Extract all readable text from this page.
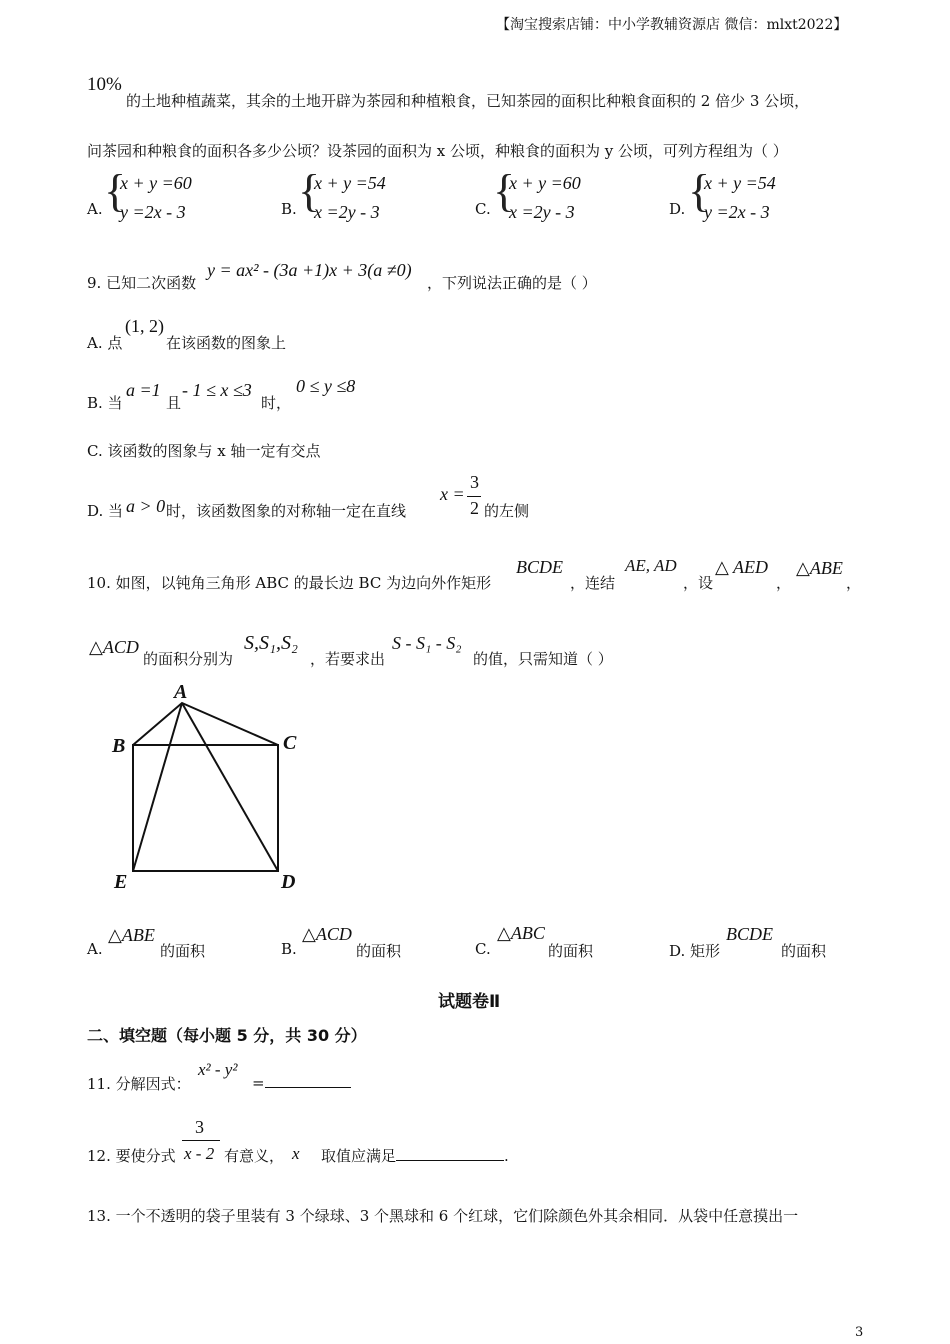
【淘宝搜索店铺：中小学教辅资源店 微信：mlxt2022】
10%
的土地种植蔬菜，其余的土地开辟为茶园和种植粮食，已知茶园的面积比种粮食面积的 2 倍少 3 公顷，
问茶园和种粮食的面积各多少公顷？设茶园的面积为 x 公顷，种粮食的面积为 y 公顷，可列方程组为（ ）
A. {
x + y =60
y =2x - 3	B. {
x + y =54
x =2y - 3	C. {
x + y =60
x =2y - 3	D. {
x + y =54
y =2x - 3
9. 已知二次函数
y = ax² - (3a +1)x + 3(a ≠0)
，下列说法正确的是（ ）
A. 点
(1, 2)
在该函数的图象上
B. 当
a =1
且
- 1 ≤ x ≤3
时，
0 ≤ y ≤8
C. 该函数的图象与 x 轴一定有交点
D. 当 a > 0 时，该函数图象的对称轴一定在直线
x =
3
2 的左侧
10. 如图，以钝角三角形 ABC 的最长边 BC 为边向外作矩形
BCDE
，连结
AE, AD
，设
△ AED
，
△ABE
，
△ACD
的面积分别为
S,S₁,S₂
，若要求出
S - S₁ - S₂
的值，只需知道（ ）
A
B	C
D
E
A.
△ABE
的面积	B.
△ACD
的面积	C.
△ABC
的面积	D. 矩形
BCDE
的面积
试题卷Ⅱ
二、填空题（每小题 5 分，共 30 分）
11. 分解因式：
x² - y²
=
12. 要使分式
3
x - 2 有意义， x 取值应满足	.
13. 一个不透明的袋子里装有 3 个绿球、3 个黑球和 6 个红球，它们除颜色外其余相同．从袋中任意摸出一
3
